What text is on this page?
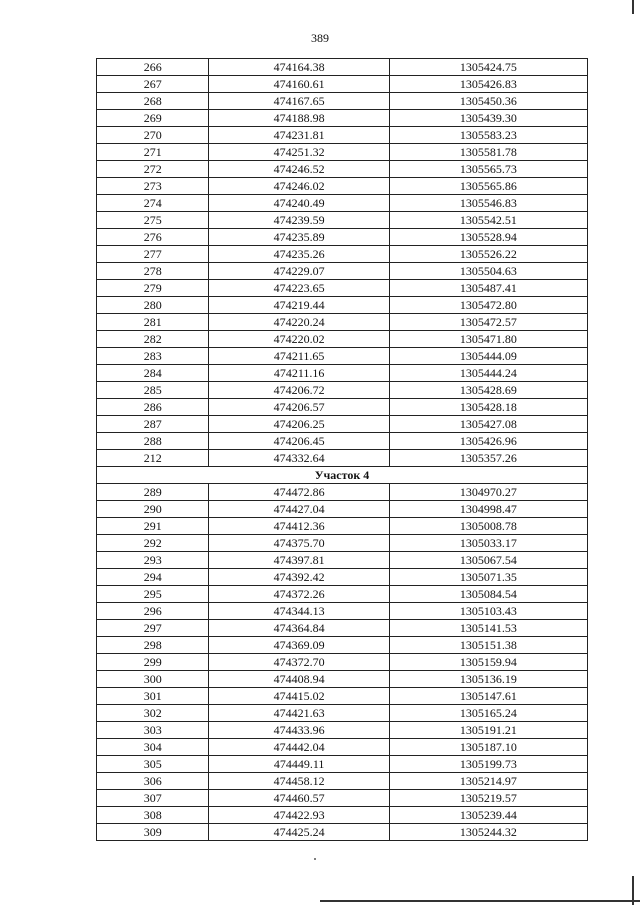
389
266	474164.38	1305424.75
267	474160.61	1305426.83
268	474167.65	1305450.36
269	474188.98	1305439.30
270	474231.81	1305583.23
271	474251.32	1305581.78
272	474246.52	1305565.73
273	474246.02	1305565.86
274	474240.49	1305546.83
275	474239.59	1305542.51
276	474235.89	1305528.94
277	474235.26	1305526.22
278	474229.07	1305504.63
279	474223.65	1305487.41
280	474219.44	1305472.80
281	474220.24	1305472.57
282	474220.02	1305471.80
283	474211.65	1305444.09
284	474211.16	1305444.24
285	474206.72	1305428.69
286	474206.57	1305428.18
287	474206.25	1305427.08
288	474206.45	1305426.96
212	474332.64	1305357.26
Участок 4		
289	474472.86	1304970.27
290	474427.04	1304998.47
291	474412.36	1305008.78
292	474375.70	1305033.17
293	474397.81	1305067.54
294	474392.42	1305071.35
295	474372.26	1305084.54
296	474344.13	1305103.43
297	474364.84	1305141.53
298	474369.09	1305151.38
299	474372.70	1305159.94
300	474408.94	1305136.19
301	474415.02	1305147.61
302	474421.63	1305165.24
303	474433.96	1305191.21
304	474442.04	1305187.10
305	474449.11	1305199.73
306	474458.12	1305214.97
307	474460.57	1305219.57
308	474422.93	1305239.44
309	474425.24	1305244.32
